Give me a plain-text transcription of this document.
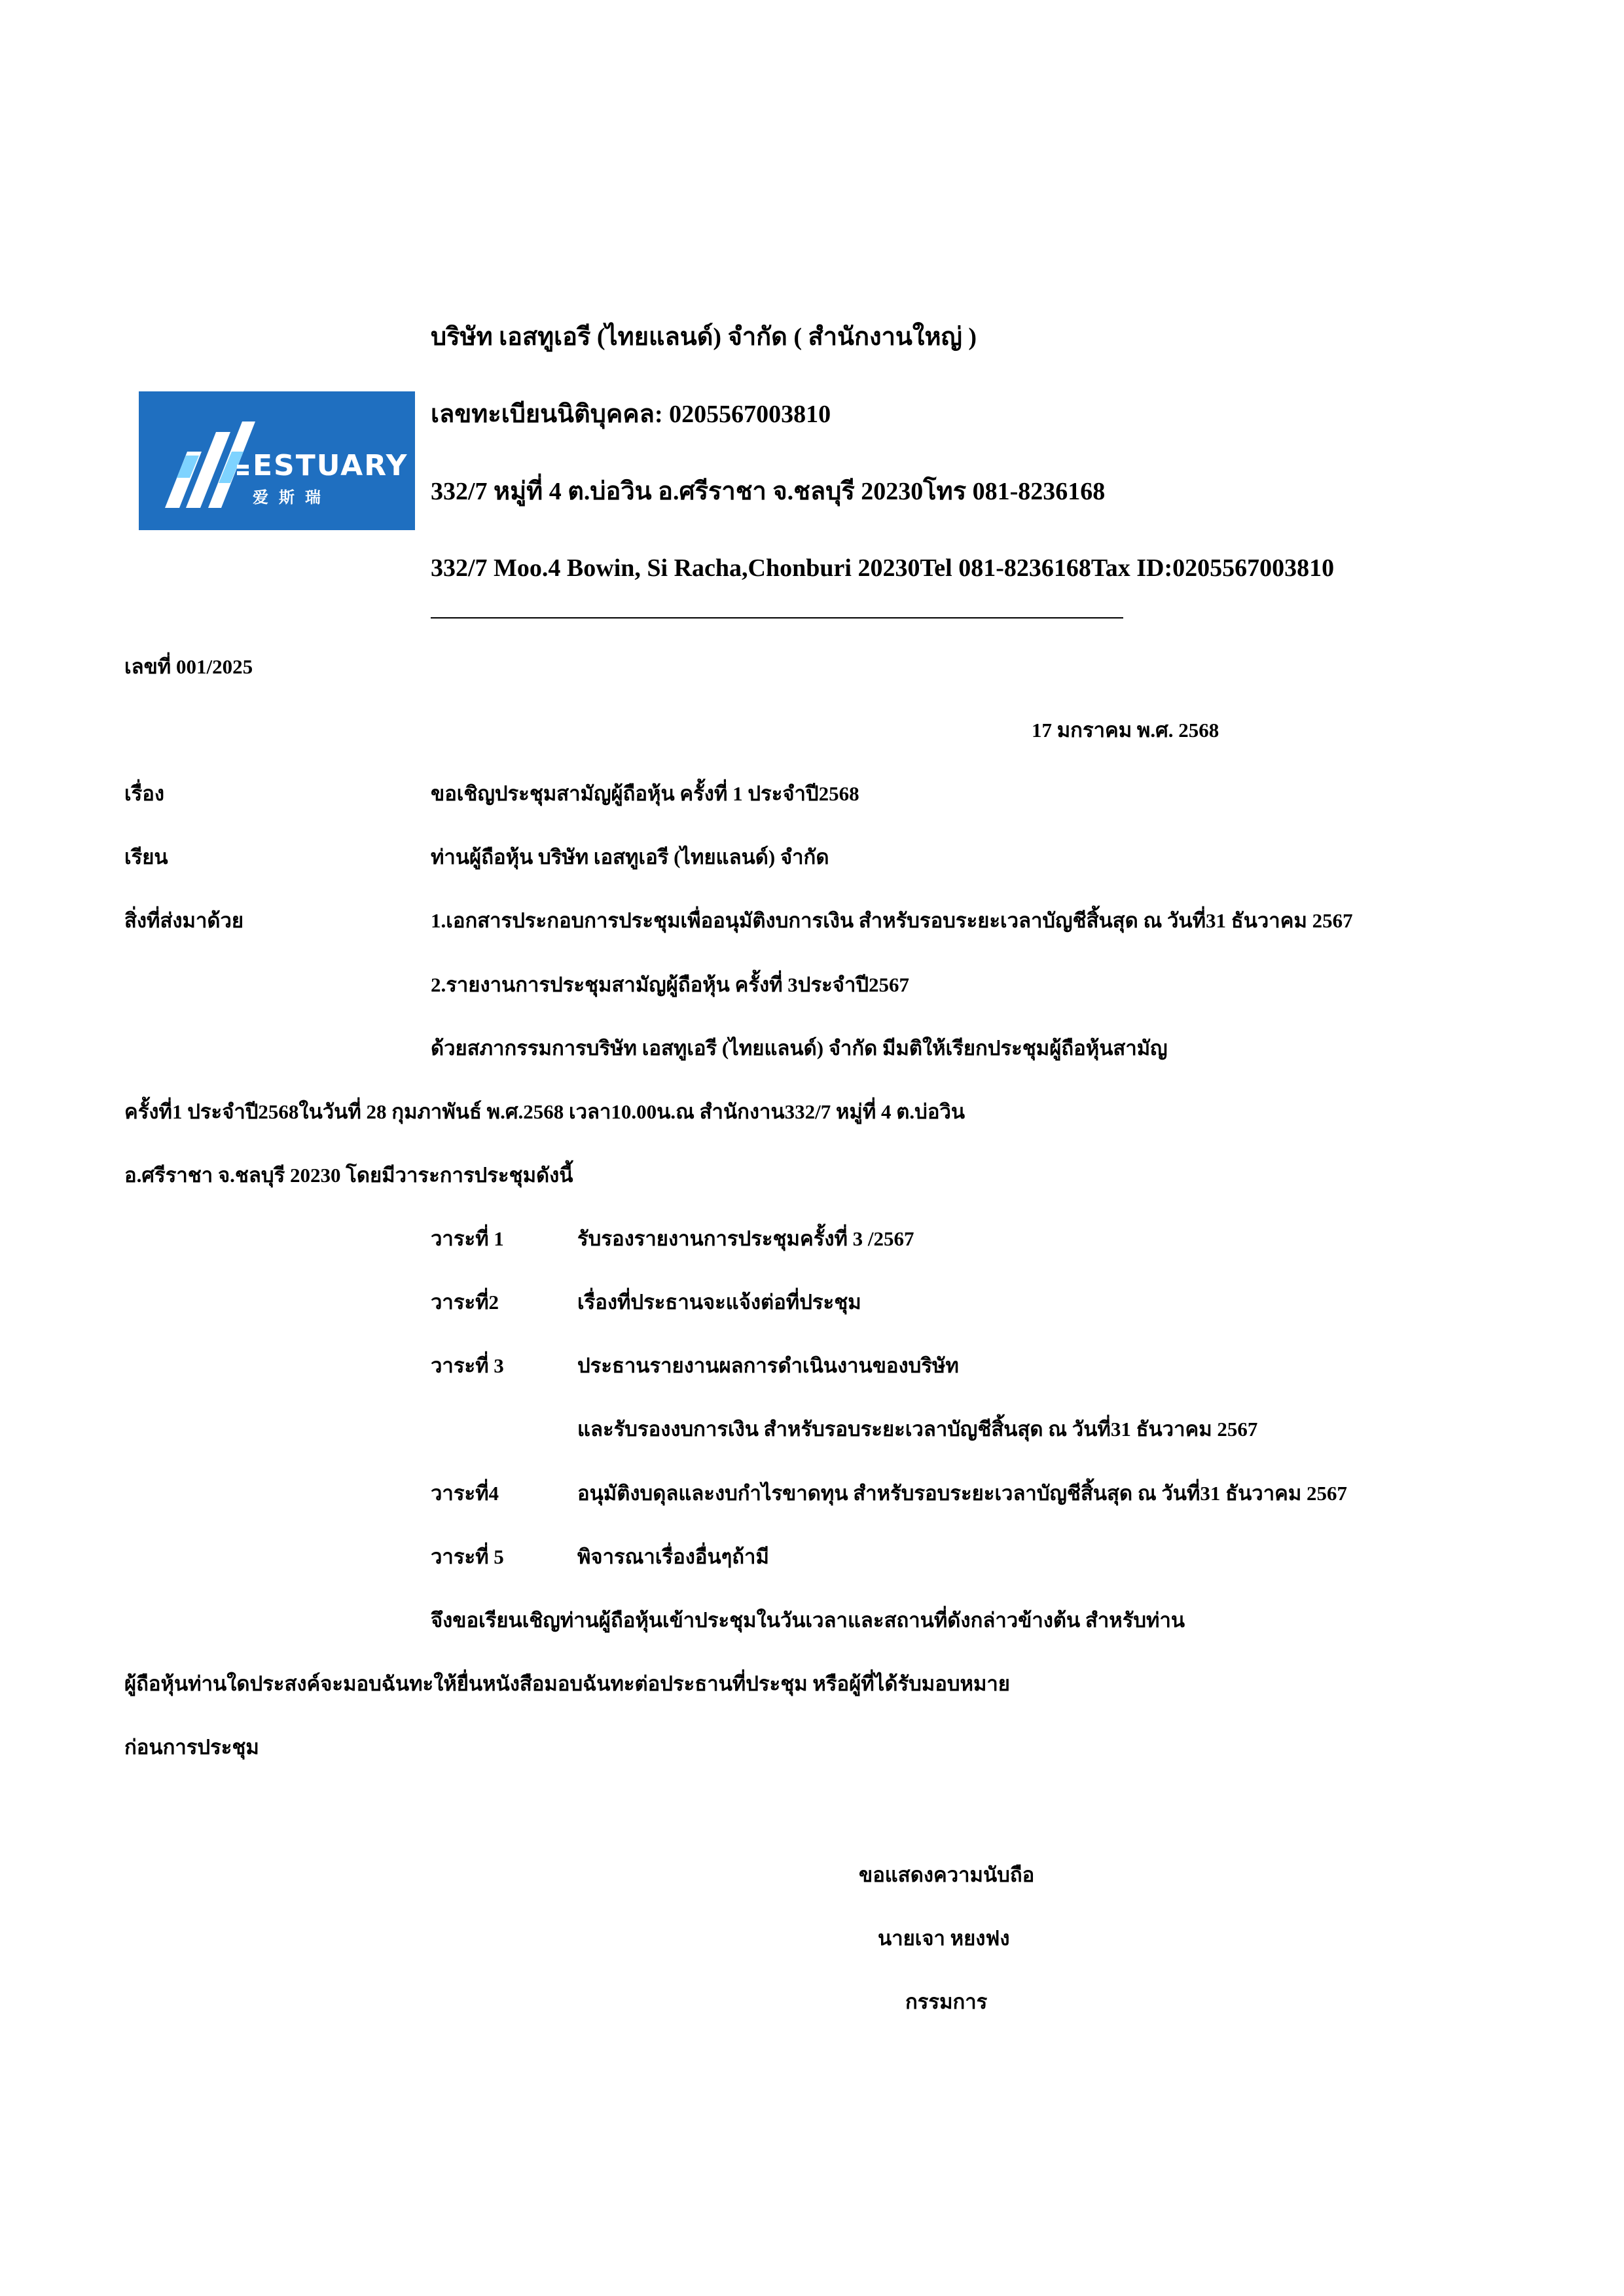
ESTUARY
爱斯瑞
บริษัท เอสทูเอรี (ไทยแลนด์) จำกัด ( สำนักงานใหญ่ )
เลขทะเบียนนิติบุคคล: 0205567003810
332/7 หมู่ที่ 4 ต.บ่อวิน อ.ศรีราชา จ.ชลบุรี 20230โทร 081-8236168
332/7 Moo.4 Bowin, Si Racha,Chonburi 20230Tel 081-8236168Tax ID:0205567003810
เลขที่ 001/2025
17 มกราคม พ.ศ. 2568
เรื่อง	ขอเชิญประชุมสามัญผู้ถือหุ้น ครั้งที่ 1 ประจำปี2568
เรียน	ท่านผู้ถือหุ้น บริษัท เอสทูเอรี (ไทยแลนด์) จำกัด
สิ่งที่ส่งมาด้วย	1.เอกสารประกอบการประชุมเพื่ออนุมัติงบการเงิน สำหรับรอบระยะเวลาบัญชีสิ้นสุด ณ วันที่31 ธันวาคม 2567
2.รายงานการประชุมสามัญผู้ถือหุ้น ครั้งที่ 3ประจำปี2567
ด้วยสภากรรมการบริษัท เอสทูเอรี (ไทยแลนด์) จำกัด มีมติให้เรียกประชุมผู้ถือหุ้นสามัญ
ครั้งที่1 ประจำปี2568ในวันที่ 28 กุมภาพันธ์ พ.ศ.2568 เวลา10.00น.ณ สำนักงาน332/7 หมู่ที่ 4 ต.บ่อวิน
อ.ศรีราชา จ.ชลบุรี 20230 โดยมีวาระการประชุมดังนี้
วาระที่ 1	รับรองรายงานการประชุมครั้งที่ 3 /2567
วาระที่2	เรื่องที่ประธานจะแจ้งต่อที่ประชุม
วาระที่ 3	ประธานรายงานผลการดำเนินงานของบริษัท
และรับรองงบการเงิน สำหรับรอบระยะเวลาบัญชีสิ้นสุด ณ วันที่31 ธันวาคม 2567
วาระที่4	อนุมัติงบดุลและงบกำไรขาดทุน สำหรับรอบระยะเวลาบัญชีสิ้นสุด ณ วันที่31 ธันวาคม 2567
วาระที่ 5	พิจารณาเรื่องอื่นๆถ้ามี
จึงขอเรียนเชิญท่านผู้ถือหุ้นเข้าประชุมในวันเวลาและสถานที่ดังกล่าวข้างต้น สำหรับท่าน
ผู้ถือหุ้นท่านใดประสงค์จะมอบฉันทะให้ยื่นหนังสือมอบฉันทะต่อประธานที่ประชุม หรือผู้ที่ได้รับมอบหมาย
ก่อนการประชุม
ขอแสดงความนับถือ
นายเจา หยงฟง
กรรมการ
